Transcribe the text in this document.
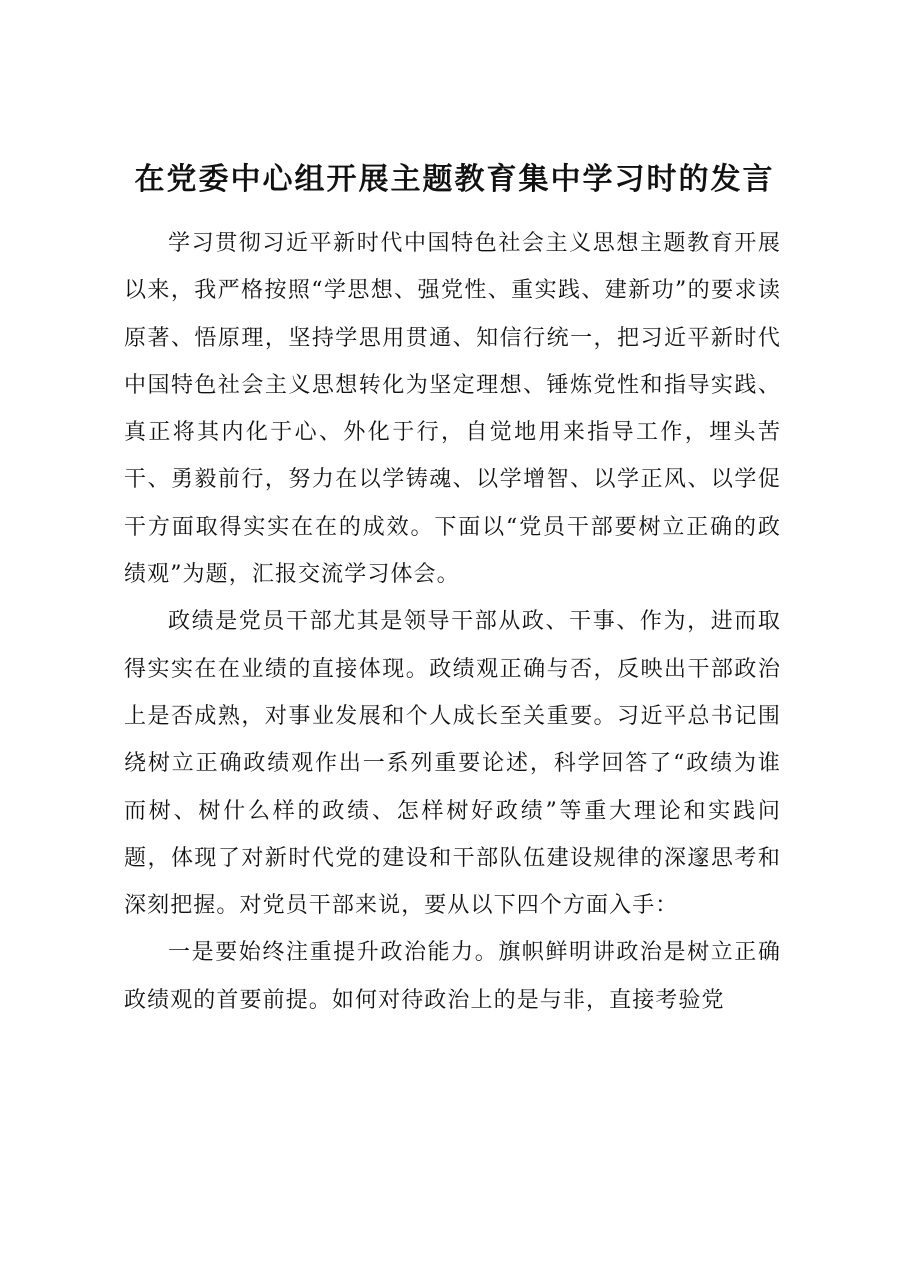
在党委中心组开展主题教育集中学习时的发言

学习贯彻习近平新时代中国特色社会主义思想主题教育开展以来，我严格按照“学思想、强党性、重实践、建新功”的要求读原著、悟原理，坚持学思用贯通、知信行统一，把习近平新时代中国特色社会主义思想转化为坚定理想、锤炼党性和指导实践、真正将其内化于心、外化于行，自觉地用来指导工作，埋头苦干、勇毅前行，努力在以学铸魂、以学增智、以学正风、以学促干方面取得实实在在的成效。下面以“党员干部要树立正确的政绩观”为题，汇报交流学习体会。

政绩是党员干部尤其是领导干部从政、干事、作为，进而取得实实在在业绩的直接体现。政绩观正确与否，反映出干部政治上是否成熟，对事业发展和个人成长至关重要。习近平总书记围绕树立正确政绩观作出一系列重要论述，科学回答了“政绩为谁而树、树什么样的政绩、怎样树好政绩”等重大理论和实践问题，体现了对新时代党的建设和干部队伍建设规律的深邃思考和深刻把握。对党员干部来说，要从以下四个方面入手：

一是要始终注重提升政治能力。旗帜鲜明讲政治是树立正确政绩观的首要前提。如何对待政治上的是与非，直接考验党
